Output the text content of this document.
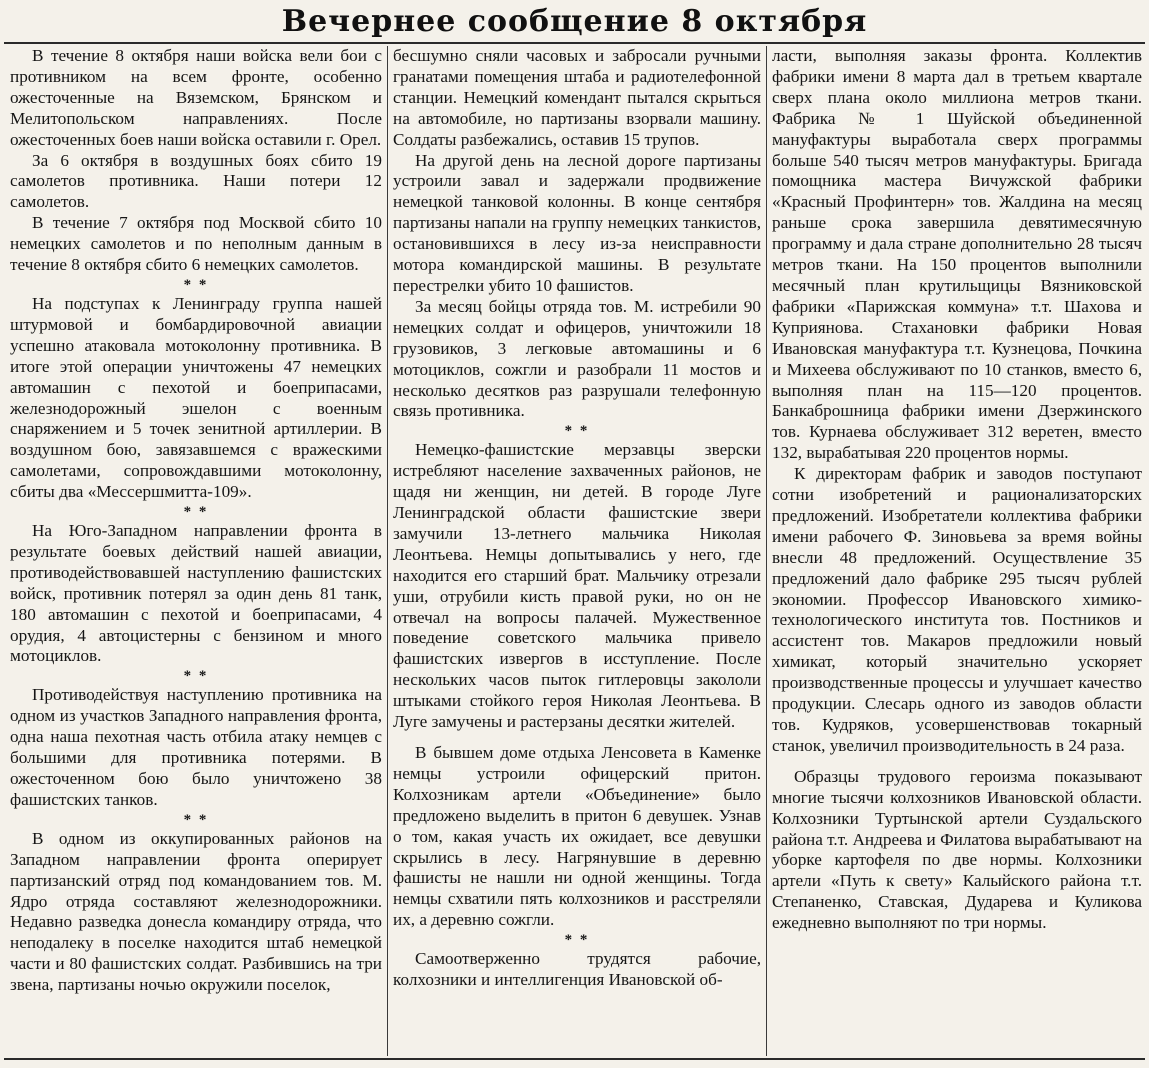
Вечернее сообщение 8 октября

В течение 8 октября наши войска вели бои с противником на всем фронте, особенно ожесточенные на Вяземском, Брянском и Мелитопольском направлениях. После ожесточенных боев наши войска оставили г. Орел.

За 6 октября в воздушных боях сбито 19 самолетов противника. Наши потери 12 самолетов.

В течение 7 октября под Москвой сбито 10 немецких самолетов и по неполным данным в течение 8 октября сбито 6 немецких самолетов.

* *

На подступах к Ленинграду группа нашей штурмовой и бомбардировочной авиации успешно атаковала мотоколонну противника. В итоге этой операции уничтожены 47 немецких автомашин с пехотой и боеприпасами, железнодорожный эшелон с военным снаряжением и 5 точек зенитной артиллерии. В воздушном бою, завязавшемся с вражескими самолетами, сопровождавшими мотоколонну, сбиты два «Мессершмитта-109».

* *

На Юго-Западном направлении фронта в результате боевых действий нашей авиации, противодействовавшей наступлению фашистских войск, противник потерял за один день 81 танк, 180 автомашин с пехотой и боеприпасами, 4 орудия, 4 автоцистерны с бензином и много мотоциклов.

* *

Противодействуя наступлению противника на одном из участков Западного направления фронта, одна наша пехотная часть отбила атаку немцев с большими для противника потерями. В ожесточенном бою было уничтожено 38 фашистских танков.

* *

В одном из оккупированных районов на Западном направлении фронта оперирует партизанский отряд под командованием тов. М. Ядро отряда составляют железнодорожники. Недавно разведка донесла командиру отряда, что неподалеку в поселке находится штаб немецкой части и 80 фашистских солдат. Разбившись на три звена, партизаны ночью окружили поселок,

бесшумно сняли часовых и забросали ручными гранатами помещения штаба и радиотелефонной станции. Немецкий комендант пытался скрыться на автомобиле, но партизаны взорвали машину. Солдаты разбежались, оставив 15 трупов.

На другой день на лесной дороге партизаны устроили завал и задержали продвижение немецкой танковой колонны. В конце сентября партизаны напали на группу немецких танкистов, остановившихся в лесу из-за неисправности мотора командирской машины. В результате перестрелки убито 10 фашистов.

За месяц бойцы отряда тов. М. истребили 90 немецких солдат и офицеров, уничтожили 18 грузовиков, 3 легковые автомашины и 6 мотоциклов, сожгли и разобрали 11 мостов и несколько десятков раз разрушали телефонную связь противника.

* *

Немецко-фашистские мерзавцы зверски истребляют население захваченных районов, не щадя ни женщин, ни детей. В городе Луге Ленинградской области фашистские звери замучили 13-летнего мальчика Николая Леонтьева. Немцы допытывались у него, где находится его старший брат. Мальчику отрезали уши, отрубили кисть правой руки, но он не отвечал на вопросы палачей. Мужественное поведение советского мальчика привело фашистских извергов в исступление. После нескольких часов пыток гитлеровцы закололи штыками стойкого героя Николая Леонтьева. В Луге замучены и растерзаны десятки жителей.

В бывшем доме отдыха Ленсовета в Каменке немцы устроили офицерский притон. Колхозникам артели «Объединение» было предложено выделить в притон 6 девушек. Узнав о том, какая участь их ожидает, все девушки скрылись в лесу. Нагрянувшие в деревню фашисты не нашли ни одной женщины. Тогда немцы схватили пять колхозников и расстреляли их, а деревню сожгли.

* *

Самоотверженно трудятся рабочие, колхозники и интеллигенция Ивановской об-

ласти, выполняя заказы фронта. Коллектив фабрики имени 8 марта дал в третьем квартале сверх плана около миллиона метров ткани. Фабрика № 1 Шуйской объединенной мануфактуры выработала сверх программы больше 540 тысяч метров мануфактуры. Бригада помощника мастера Вичужской фабрики «Красный Профинтерн» тов. Жалдина на месяц раньше срока завершила девятимесячную программу и дала стране дополнительно 28 тысяч метров ткани. На 150 процентов выполнили месячный план крутильщицы Вязниковской фабрики «Парижская коммуна» т.т. Шахова и Куприянова. Стахановки фабрики Новая Ивановская мануфактура т.т. Кузнецова, Почкина и Михеева обслуживают по 10 станков, вместо 6, выполняя план на 115—120 процентов. Банкаброшница фабрики имени Дзержинского тов. Курнаева обслуживает 312 веретен, вместо 132, вырабатывая 220 процентов нормы.

К директорам фабрик и заводов поступают сотни изобретений и рационализаторских предложений. Изобретатели коллектива фабрики имени рабочего Ф. Зиновьева за время войны внесли 48 предложений. Осуществление 35 предложений дало фабрике 295 тысяч рублей экономии. Профессор Ивановского химико-технологического института тов. Постников и ассистент тов. Макаров предложили новый химикат, который значительно ускоряет производственные процессы и улучшает качество продукции. Слесарь одного из заводов области тов. Кудряков, усовершенствовав токарный станок, увеличил производительность в 24 раза.

Образцы трудового героизма показывают многие тысячи колхозников Ивановской области. Колхозники Туртынской артели Суздальского района т.т. Андреева и Филатова вырабатывают на уборке картофеля по две нормы. Колхозники артели «Путь к свету» Калыйского района т.т. Степаненко, Ставская, Дударева и Куликова ежедневно выполняют по три нормы.
